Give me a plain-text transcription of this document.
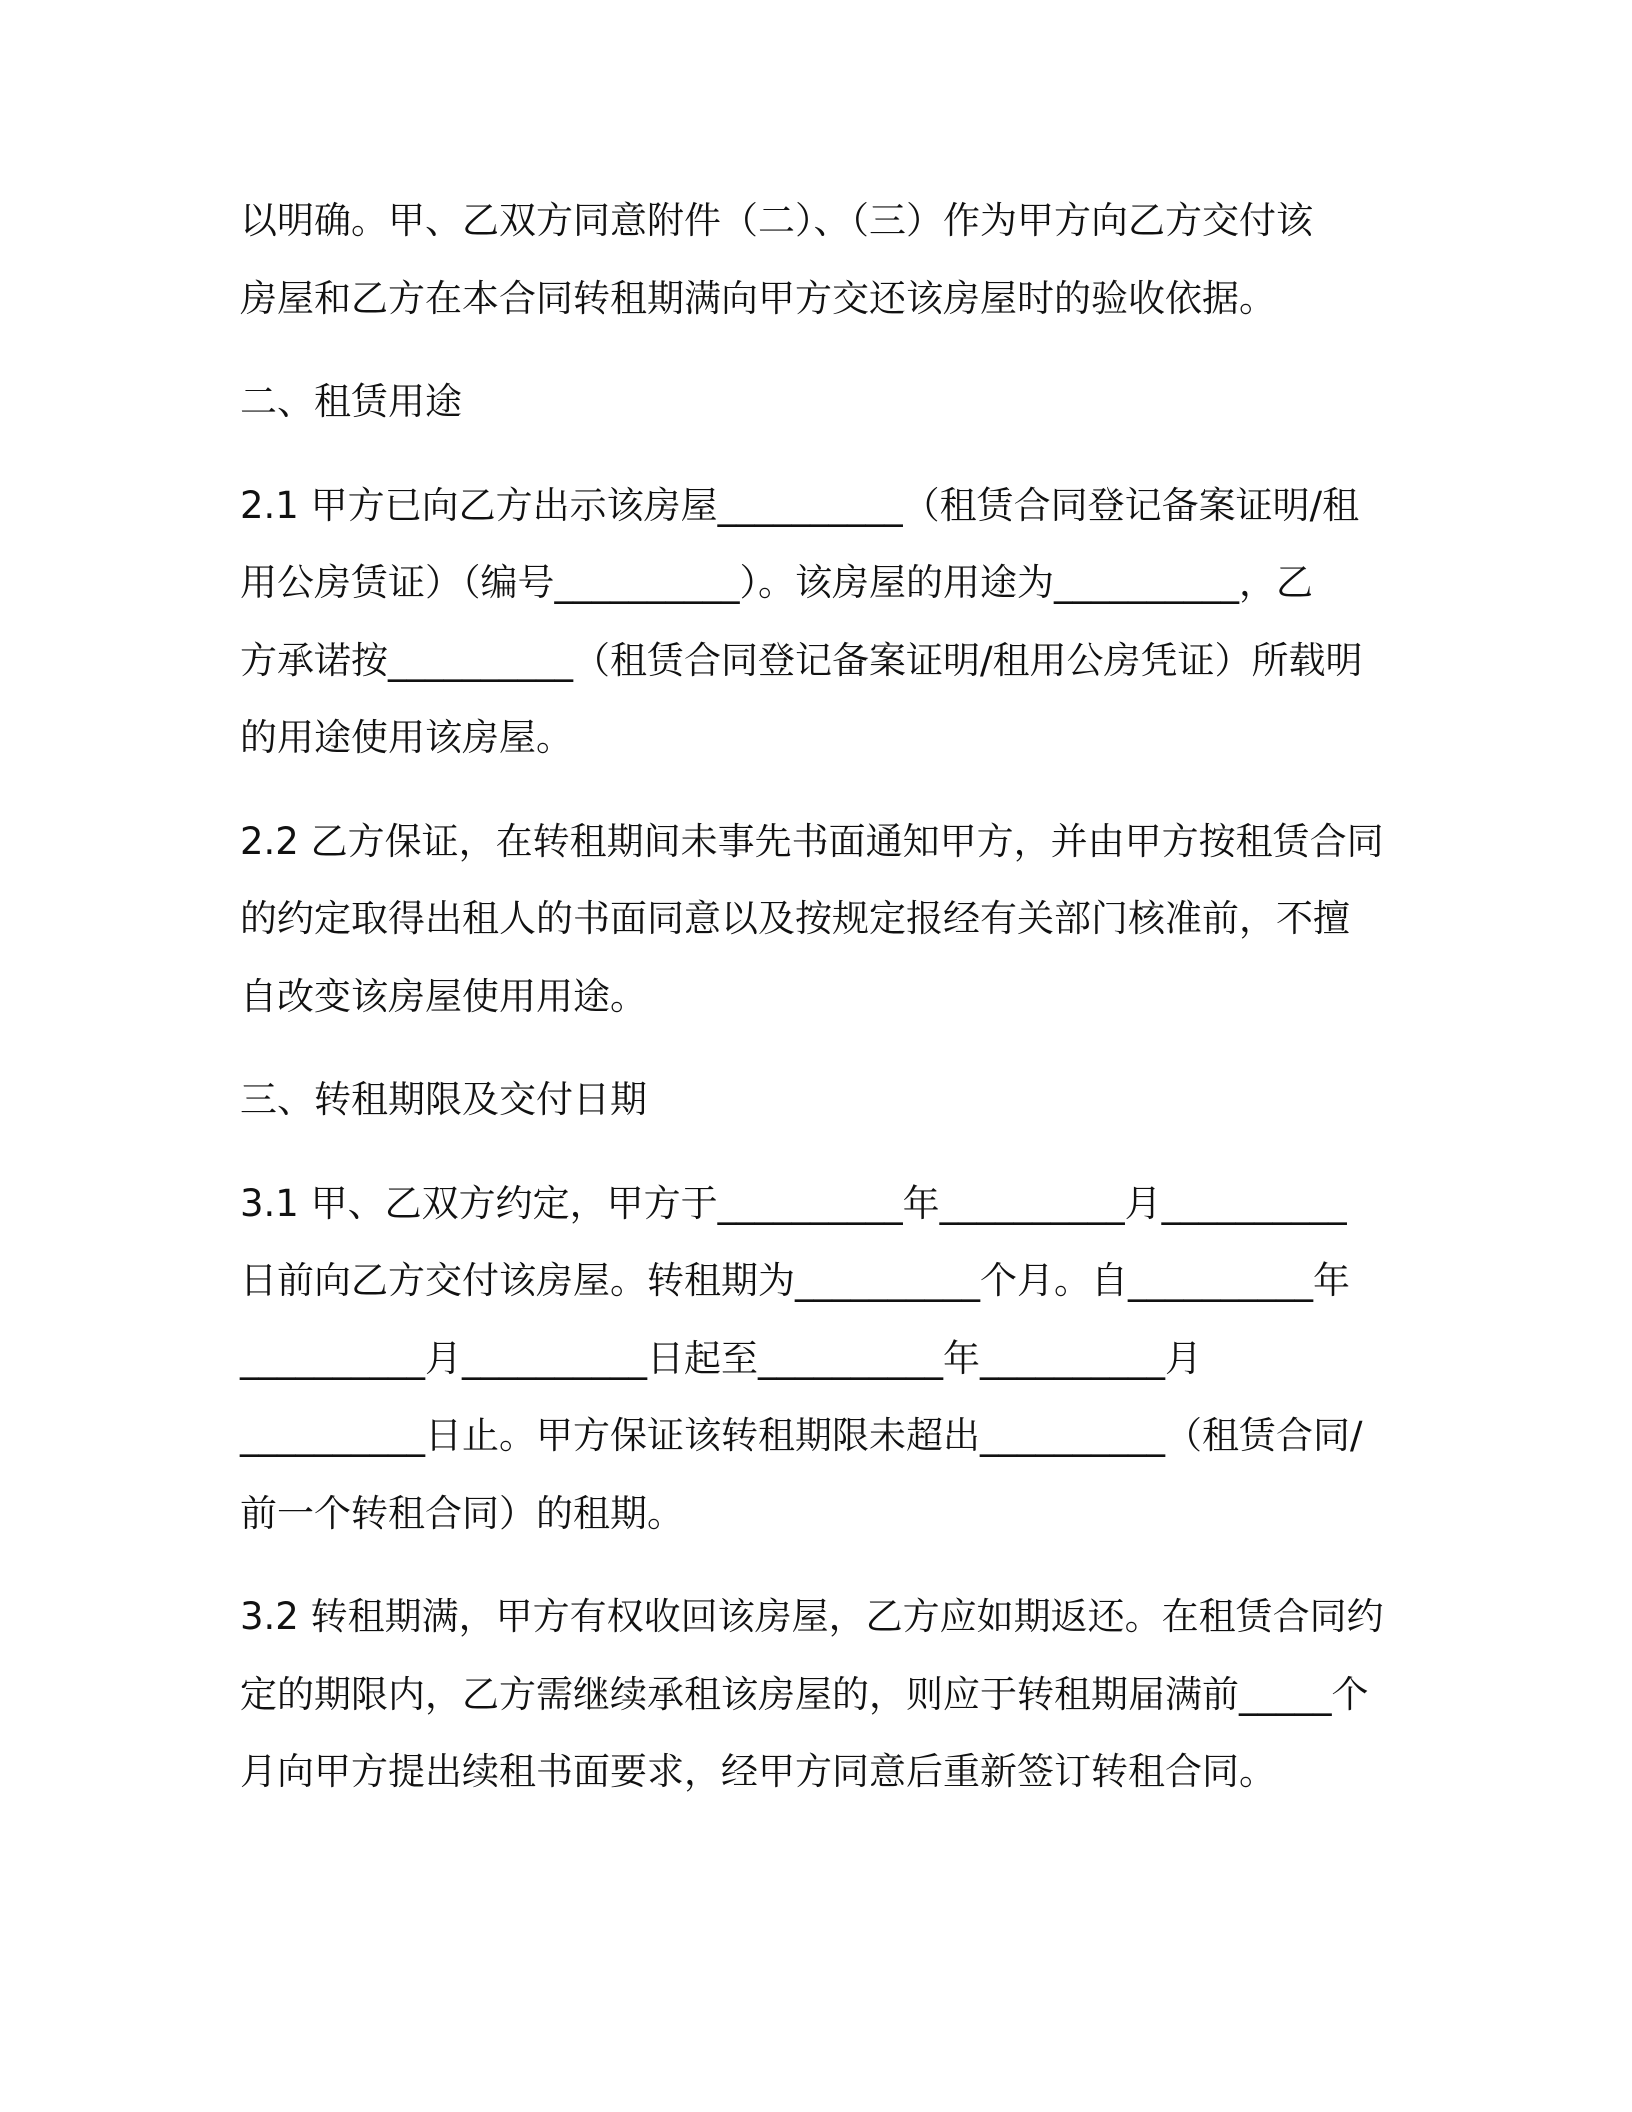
以明确。甲、乙双方同意附件（二）、（三）作为甲方向乙方交付该
房屋和乙方在本合同转租期满向甲方交还该房屋时的验收依据。
二、租赁用途
2.1 甲方已向乙方出示该房屋__________（租赁合同登记备案证明/租
用公房赁证）（编号__________）。该房屋的用途为__________，乙
方承诺按__________（租赁合同登记备案证明/租用公房凭证）所载明
的用途使用该房屋。
2.2 乙方保证，在转租期间未事先书面通知甲方，并由甲方按租赁合同
的约定取得出租人的书面同意以及按规定报经有关部门核准前，不擅
自改变该房屋使用用途。
三、转租期限及交付日期
3.1 甲、乙双方约定，甲方于__________年__________月__________
日前向乙方交付该房屋。转租期为__________个月。自__________年
__________月__________日起至__________年__________月
__________日止。甲方保证该转租期限未超出__________（租赁合同/
前一个转租合同）的租期。
3.2 转租期满，甲方有权收回该房屋，乙方应如期返还。在租赁合同约
定的期限内，乙方需继续承租该房屋的，则应于转租期届满前_____个
月向甲方提出续租书面要求，经甲方同意后重新签订转租合同。
